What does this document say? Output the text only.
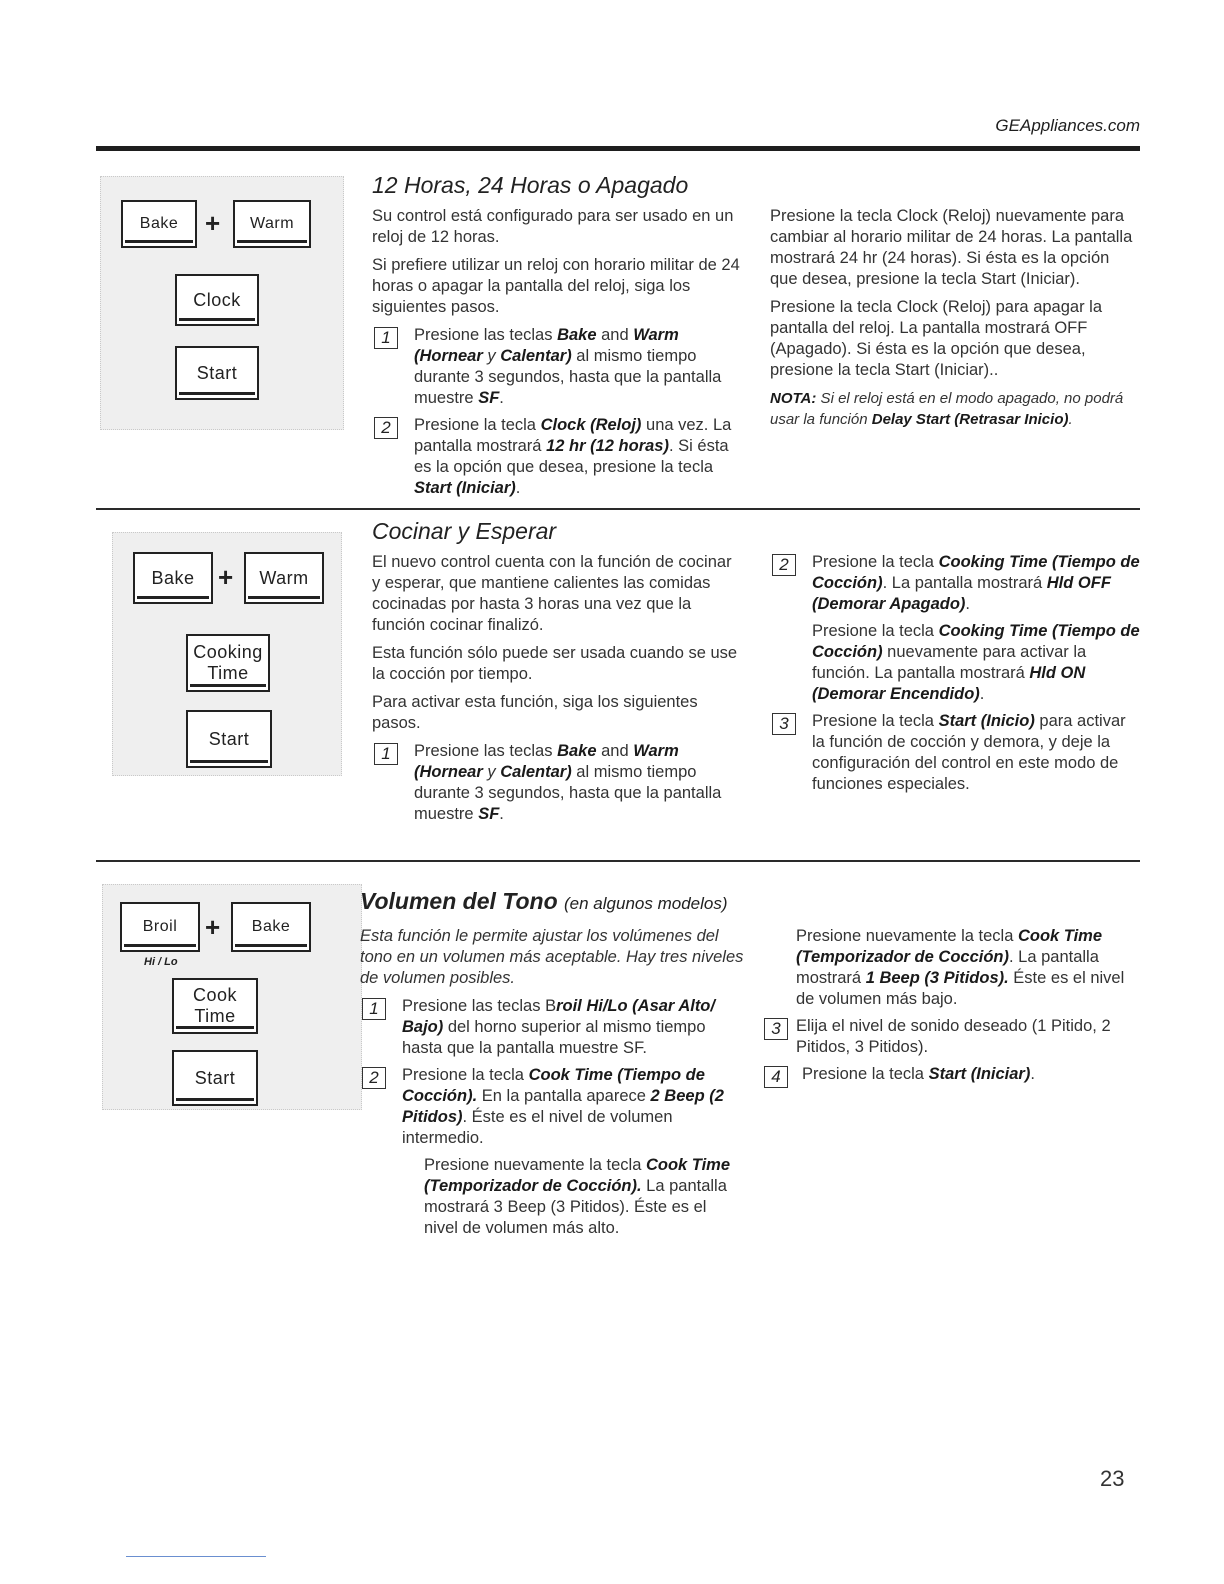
GEAppliances.com
Bake + Warm
Clock
Start
12 Horas, 24 Horas o Apagado

Su control está configurado para ser usado en un reloj de 12 horas.

Si prefiere utilizar un reloj con horario militar de 24 horas o apagar la pantalla del reloj, siga los siguientes pasos.

1	Presione las teclas Bake and Warm (Hornear y Calentar) al mismo tiempo durante 3 segundos, hasta que la pantalla muestre SF.
2	Presione la tecla Clock (Reloj) una vez. La pantalla mostrará 12 hr (12 horas). Si ésta es la opción que desea, presione la tecla Start (Iniciar).

Presione la tecla Clock (Reloj) nuevamente para cambiar al horario militar de 24 horas. La pantalla mostrará 24 hr (24 horas). Si ésta es la opción que desea, presione la tecla Start (Iniciar).

Presione la tecla Clock (Reloj) para apagar la pantalla del reloj. La pantalla mostrará OFF (Apagado). Si ésta es la opción que desea, presione la tecla Start (Iniciar)..

NOTA: Si el reloj está en el modo apagado, no podrá usar la función Delay Start (Retrasar Inicio).

Bake + Warm
Cooking
Time
Start
Cocinar y Esperar

El nuevo control cuenta con la función de cocinar y esperar, que mantiene calientes las comidas cocinadas por hasta 3 horas una vez que la función cocinar finalizó.

Esta función sólo puede ser usada cuando se use la cocción por tiempo.

Para activar esta función, siga los siguientes pasos.

1	Presione las teclas Bake and Warm (Hornear y Calentar) al mismo tiempo durante 3 segundos, hasta que la pantalla muestre SF.
2	Presione la tecla Cooking Time (Tiempo de Cocción). La pantalla mostrará Hld OFF (Demorar Apagado).
Presione la tecla Cooking Time (Tiempo de Cocción) nuevamente para activar la función. La pantalla mostrará Hld ON (Demorar Encendido).
3	Presione la tecla Start (Inicio) para activar la función de cocción y demora, y deje la configuración del control en este modo de funciones especiales.
Broil
Hi / Lo
+ Bake
Cook
Time
Start
Volumen del Tono (en algunos modelos)

Esta función le permite ajustar los volúmenes del tono en un volumen más aceptable. Hay tres niveles de volumen posibles.

1	Presione las teclas Broil Hi/Lo (Asar Alto/ Bajo) del horno superior al mismo tiempo hasta que la pantalla muestre SF.
2	Presione la tecla Cook Time (Tiempo de Cocción). En la pantalla aparece 2 Beep (2 Pitidos). Éste es el nivel de volumen intermedio.
Presione nuevamente la tecla Cook Time (Temporizador de Cocción). La pantalla mostrará 3 Beep (3 Pitidos). Éste es el nivel de volumen más alto.
Presione nuevamente la tecla Cook Time (Temporizador de Cocción). La pantalla mostrará 1 Beep (3 Pitidos). Éste es el nivel de volumen más bajo.
3 Elija el nivel de sonido deseado (1 Pitido, 2 Pitidos, 3 Pitidos).
4	Presione la tecla Start (Iniciar).
23
